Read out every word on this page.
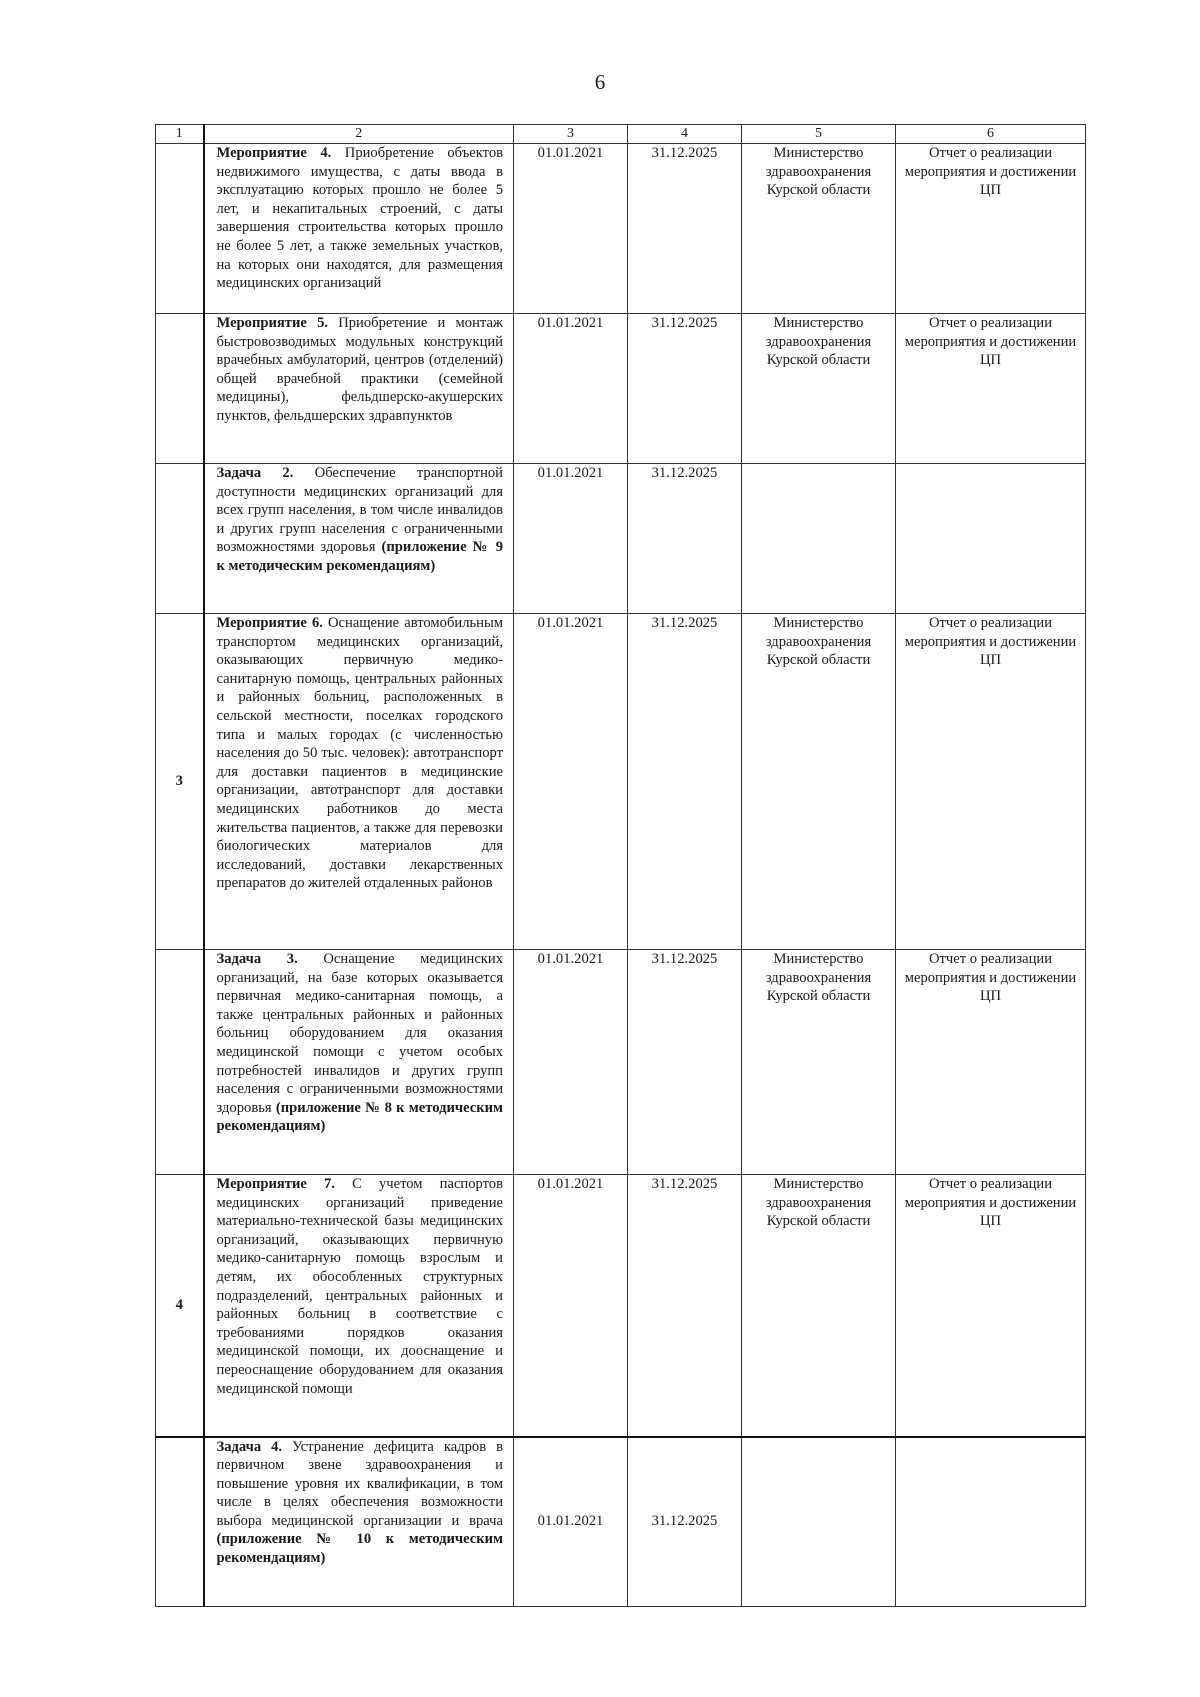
6
1	2	3	4	5	6
	Мероприятие 4. Приобретение объектов недвижимого имущества, с даты ввода в эксплуатацию которых прошло не более 5 лет, и некапитальных строений, с даты завершения строительства которых прошло не более 5 лет, а также земельных участков, на которых они находятся, для размещения медицинских организаций	01.01.2021	31.12.2025	Министерство здравоохранения Курской области	Отчет о реализации мероприятия и достижении ЦП
	Мероприятие 5. Приобретение и монтаж быстровозводимых модульных конструкций врачебных амбулаторий, центров (отделений) общей врачебной практики (семейной медицины), фельдшерско-акушерских пунктов, фельдшерских здравпунктов	01.01.2021	31.12.2025	Министерство здравоохранения Курской области	Отчет о реализации мероприятия и достижении ЦП
	Задача 2. Обеспечение транспортной доступности медицинских организаций для всех групп населения, в том числе инвалидов и других групп населения с ограниченными возможностями здоровья (приложение № 9 к методическим рекомендациям)	01.01.2021	31.12.2025		
3	Мероприятие 6. Оснащение автомобильным транспортом медицинских организаций, оказывающих первичную медико- санитарную помощь, центральных районных и районных больниц, расположенных в сельской местности, поселках городского типа и малых городах (с численностью населения до 50 тыс. человек): автотранспорт для доставки пациентов в медицинские организации, автотранспорт для доставки медицинских работников до места жительства пациентов, а также для перевозки биологических материалов для исследований, доставки лекарственных препаратов до жителей отдаленных районов	01.01.2021	31.12.2025	Министерство здравоохранения Курской области	Отчет о реализации мероприятия и достижении ЦП
	Задача 3. Оснащение медицинских организаций, на базе которых оказывается первичная медико-санитарная помощь, а также центральных районных и районных больниц оборудованием для оказания медицинской помощи с учетом особых потребностей инвалидов и других групп населения с ограниченными возможностями здоровья (приложение № 8 к методическим рекомендациям)	01.01.2021	31.12.2025	Министерство здравоохранения Курской области	Отчет о реализации мероприятия и достижении ЦП
4	Мероприятие 7. С учетом паспортов медицинских организаций приведение материально-технической базы медицинских организаций, оказывающих первичную медико-санитарную помощь взрослым и детям, их обособленных структурных подразделений, центральных районных и районных больниц в соответствие с требованиями порядков оказания медицинской помощи, их дооснащение и переоснащение оборудованием для оказания медицинской помощи	01.01.2021	31.12.2025	Министерство здравоохранения Курской области	Отчет о реализации мероприятия и достижении ЦП
	Задача 4. Устранение дефицита кадров в первичном звене здравоохранения и повышение уровня их квалификации, в том числе в целях обеспечения возможности выбора медицинской организации и врача (приложение № 10 к методическим рекомендациям)	01.01.2021	31.12.2025		
